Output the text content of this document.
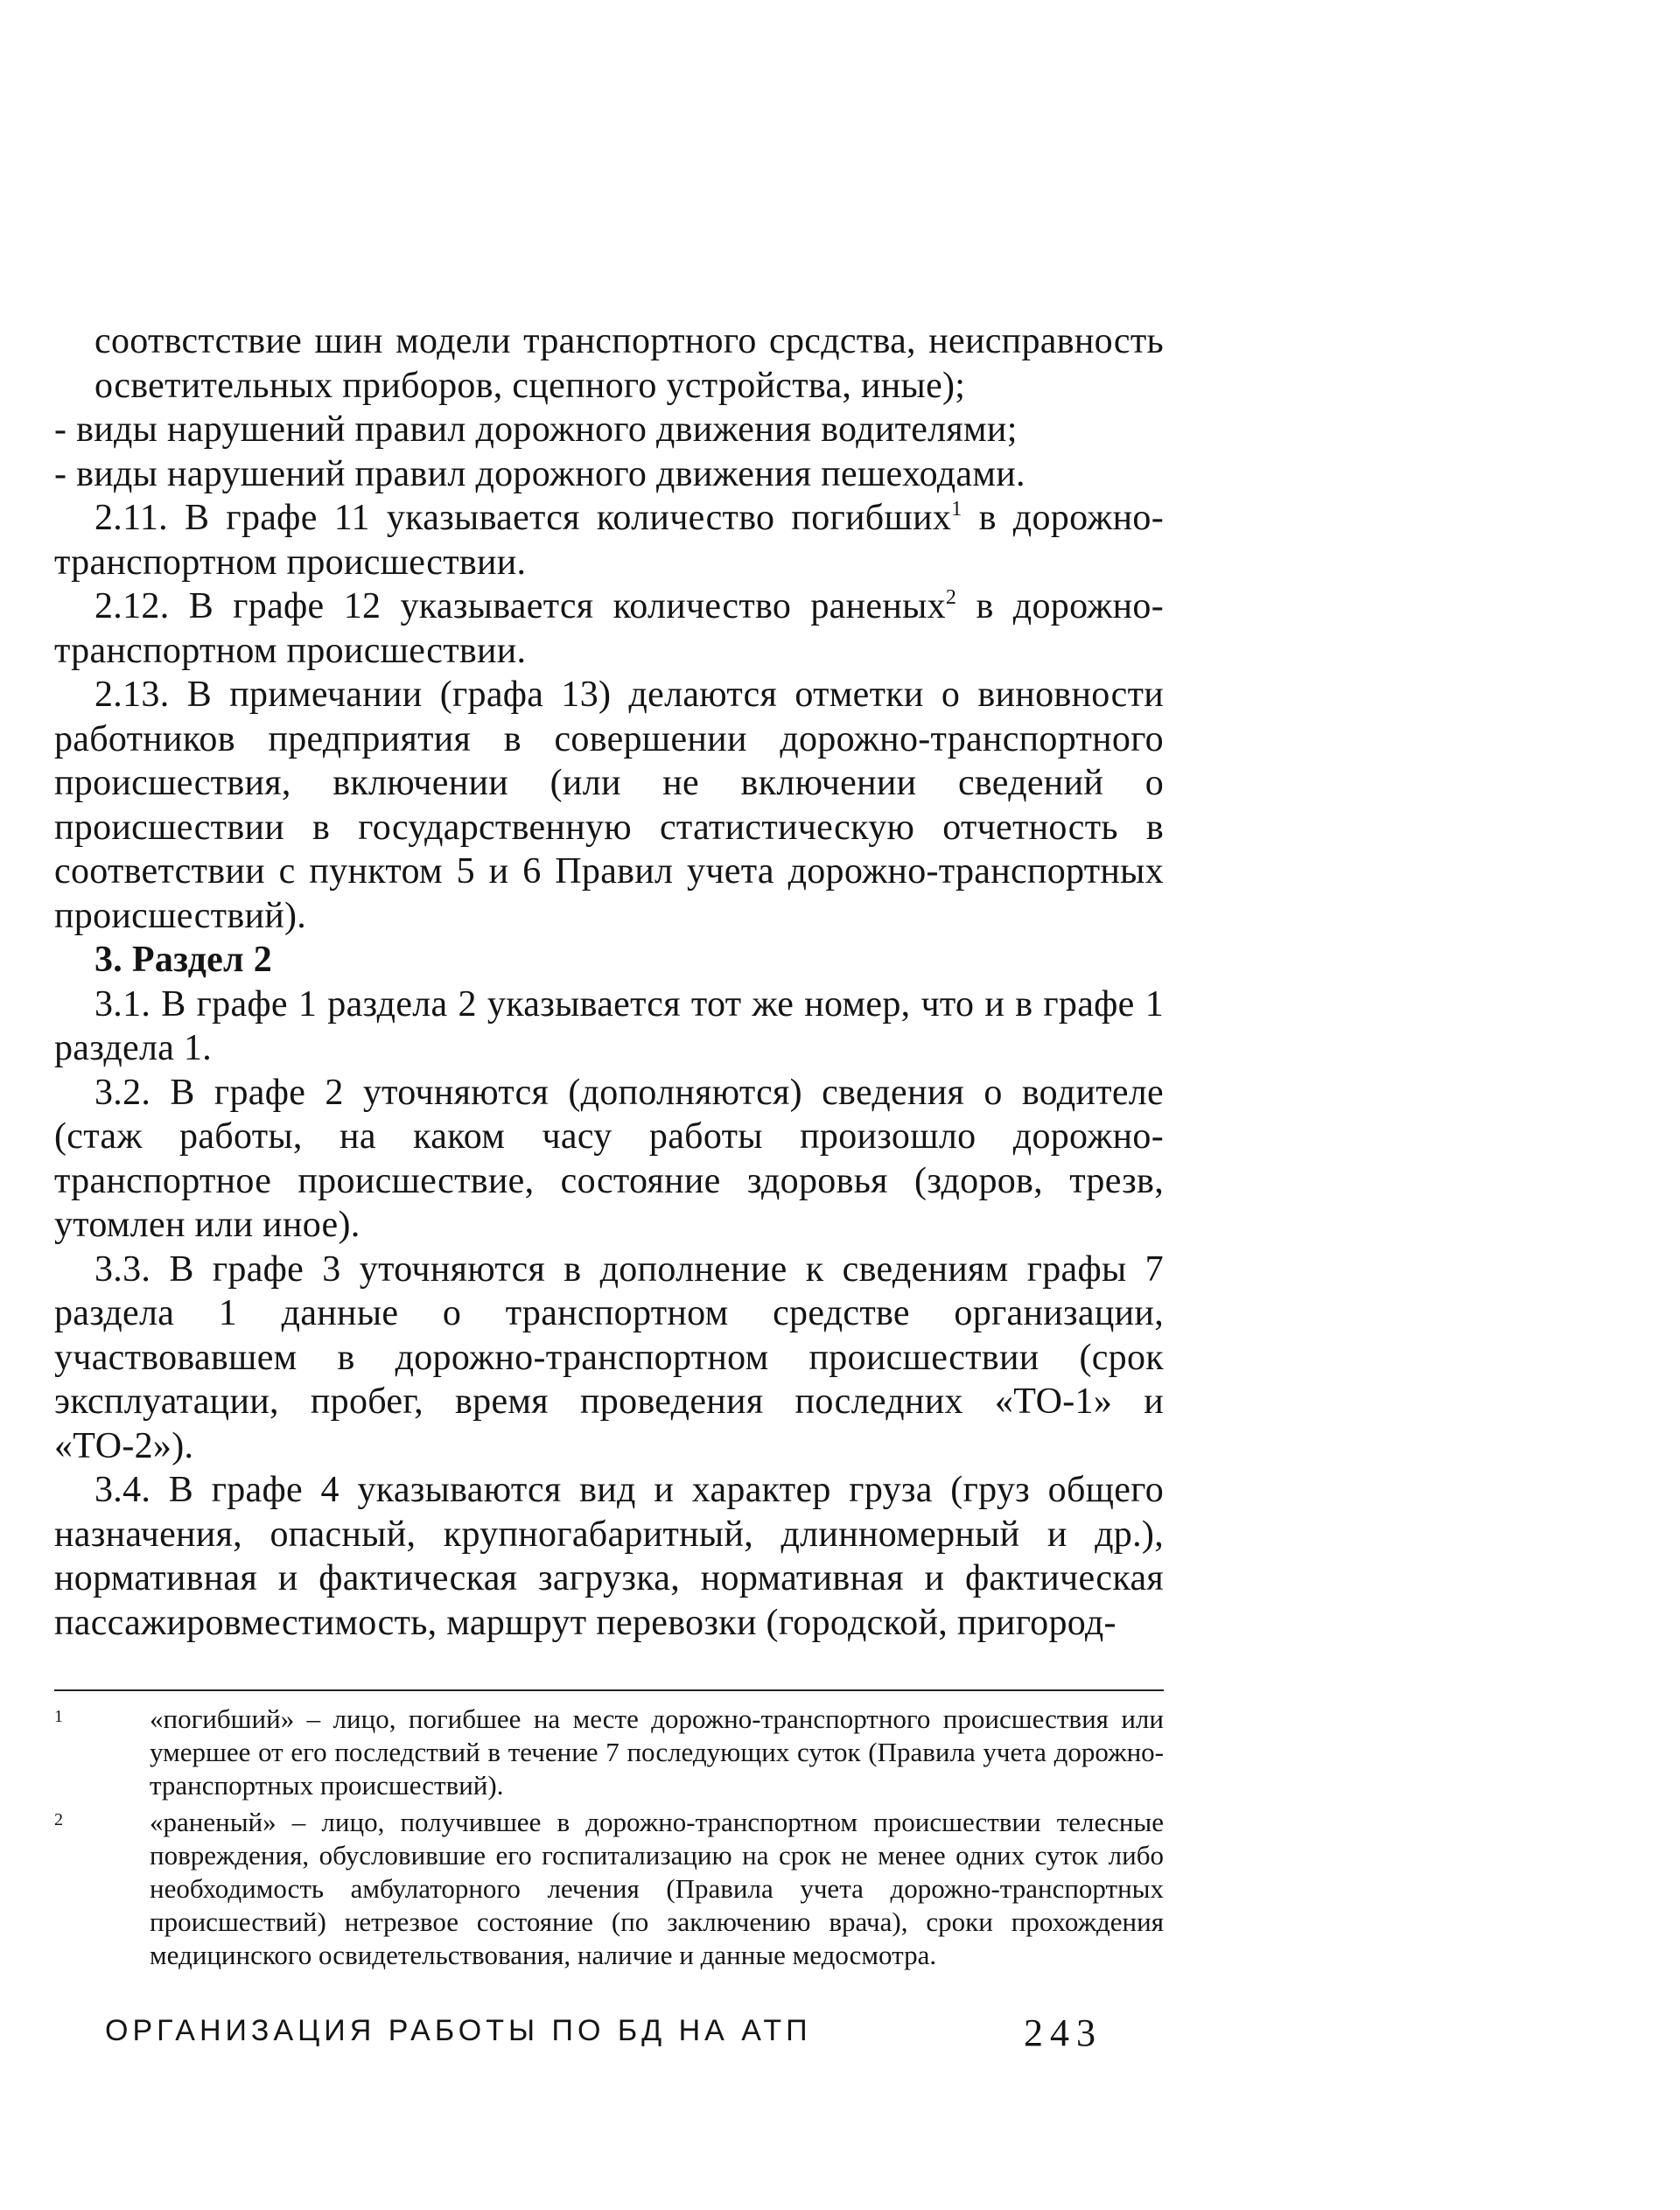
соотвстствие шин модели транспортного срсдства, неисправность осветительных приборов, сцепного устройства, иные);

- виды нарушений правил дорожного движения водителями;

- виды нарушений правил дорожного движения пешеходами.

2.11. В графе 11 указывается количество погибших$^1$ в дорожно-транспортном происшествии.

2.12. В графе 12 указывается количество раненых$^2$ в дорожно-транспортном происшествии.

2.13. В примечании (графа 13) делаются отметки о виновности работников предприятия в совершении дорожно-транспортного происшествия, включении (или не включении сведений о происшествии в государственную статистическую отчетность в соответствии с пунктом 5 и 6 Правил учета дорожно-транспортных происшествий).

3. Раздел 2

3.1. В графе 1 раздела 2 указывается тот же номер, что и в графе 1 раздела 1.

3.2. В графе 2 уточняются (дополняются) сведения о водителе (стаж работы, на каком часу работы произошло дорожно-транспортное происшествие, состояние здоровья (здоров, трезв, утомлен или иное).

3.3. В графе 3 уточняются в дополнение к сведениям графы 7 раздела 1 данные о транспортном средстве организации, участвовавшем в дорожно-транспортном происшествии (срок эксплуатации, пробег, время проведения последних «ТО-1» и «ТО-2»).

3.4. В графе 4 указываются вид и характер груза (груз общего назначения, опасный, крупногабаритный, длинномерный и др.), нормативная и фактическая загрузка, нормативная и фактическая пассажировместимость, маршрут перевозки (городской, пригород-

1	«погибший» – лицо, погибшее на месте дорожно-транспортного происшествия или умершее от его последствий в течение 7 последующих суток (Правила учета дорожно-транспортных происшествий).

2	«раненый» – лицо, получившее в дорожно-транспортном происшествии телесные повреждения, обусловившие его госпитализацию на срок не менее одних суток либо необходимость амбулаторного лечения (Правила учета дорожно-транспортных происшествий) нетрезвое состояние (по заключению врача), сроки прохождения медицинского освидетельствования, наличие и данные медосмотра.

ОРГАНИЗАЦИЯ РАБОТЫ ПО БД НА АТП	243
